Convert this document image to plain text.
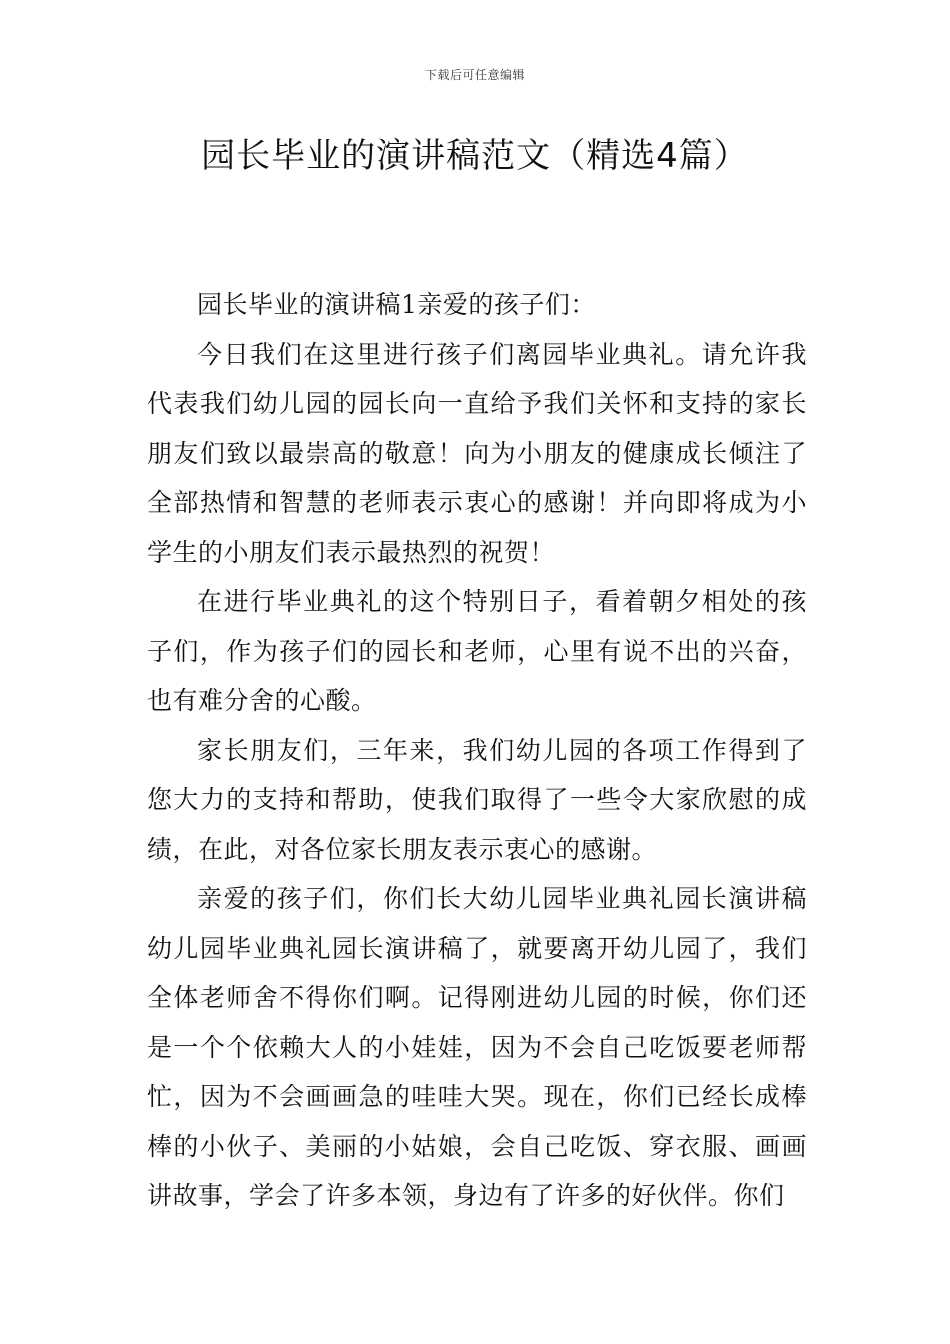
下载后可任意编辑
园长毕业的演讲稿范文（精选4篇）

园长毕业的演讲稿1亲爱的孩子们：

今日我们在这里进行孩子们离园毕业典礼。请允许我代表我们幼儿园的园长向一直给予我们关怀和支持的家长朋友们致以最崇高的敬意！向为小朋友的健康成长倾注了全部热情和智慧的老师表示衷心的感谢！并向即将成为小学生的小朋友们表示最热烈的祝贺！

在进行毕业典礼的这个特别日子，看着朝夕相处的孩子们，作为孩子们的园长和老师，心里有说不出的兴奋，也有难分舍的心酸。

家长朋友们，三年来，我们幼儿园的各项工作得到了您大力的支持和帮助，使我们取得了一些令大家欣慰的成绩，在此，对各位家长朋友表示衷心的感谢。

亲爱的孩子们，你们长大幼儿园毕业典礼园长演讲稿幼儿园毕业典礼园长演讲稿了，就要离开幼儿园了，我们全体老师舍不得你们啊。记得刚进幼儿园的时候，你们还是一个个依赖大人的小娃娃，因为不会自己吃饭要老师帮忙，因为不会画画急的哇哇大哭。现在，你们已经长成棒棒的小伙子、美丽的小姑娘，会自己吃饭、穿衣服、画画讲故事，学会了许多本领，身边有了许多的好伙伴。你们
